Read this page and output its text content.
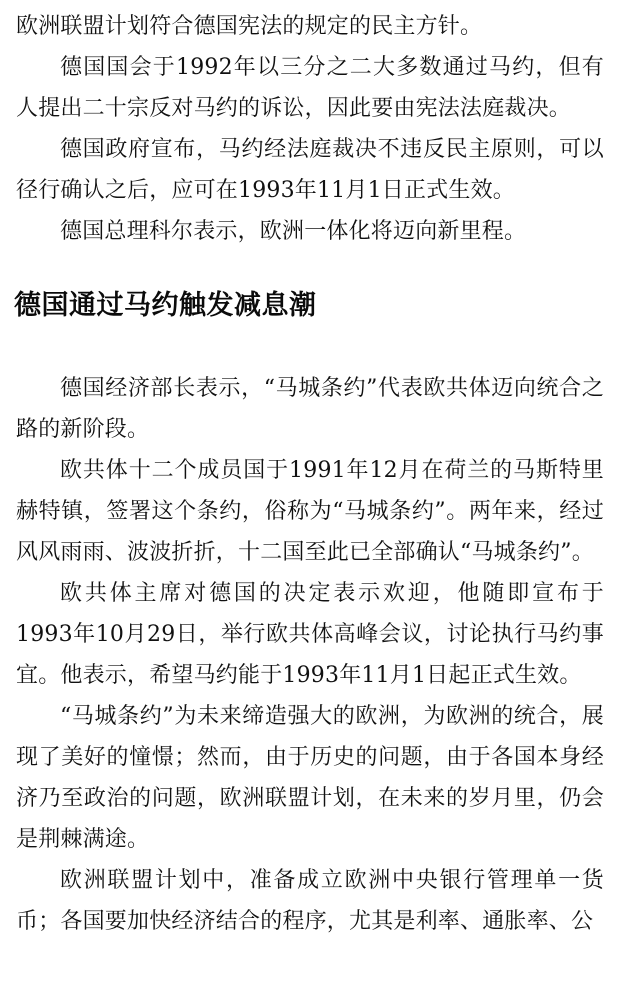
欧洲联盟计划符合德国宪法的规定的民主方针。

德国国会于1992年以三分之二大多数通过马约，但有人提出二十宗反对马约的诉讼，因此要由宪法法庭裁决。

德国政府宣布，马约经法庭裁决不违反民主原则，可以径行确认之后，应可在1993年11月1日正式生效。

德国总理科尔表示，欧洲一体化将迈向新里程。

德国通过马约触发减息潮

德国经济部长表示，“马城条约”代表欧共体迈向统合之路的新阶段。

欧共体十二个成员国于1991年12月在荷兰的马斯特里赫特镇，签署这个条约，俗称为“马城条约”。两年来，经过风风雨雨、波波折折，十二国至此已全部确认“马城条约”。

欧共体主席对德国的决定表示欢迎，他随即宣布于1993年10月29日，举行欧共体高峰会议，讨论执行马约事宜。他表示，希望马约能于1993年11月1日起正式生效。

“马城条约”为未来缔造强大的欧洲，为欧洲的统合，展现了美好的憧憬；然而，由于历史的问题，由于各国本身经济乃至政治的问题，欧洲联盟计划，在未来的岁月里，仍会是荆棘满途。

欧洲联盟计划中，准备成立欧洲中央银行管理单一货币；各国要加快经济结合的程序，尤其是利率、通胀率、公
